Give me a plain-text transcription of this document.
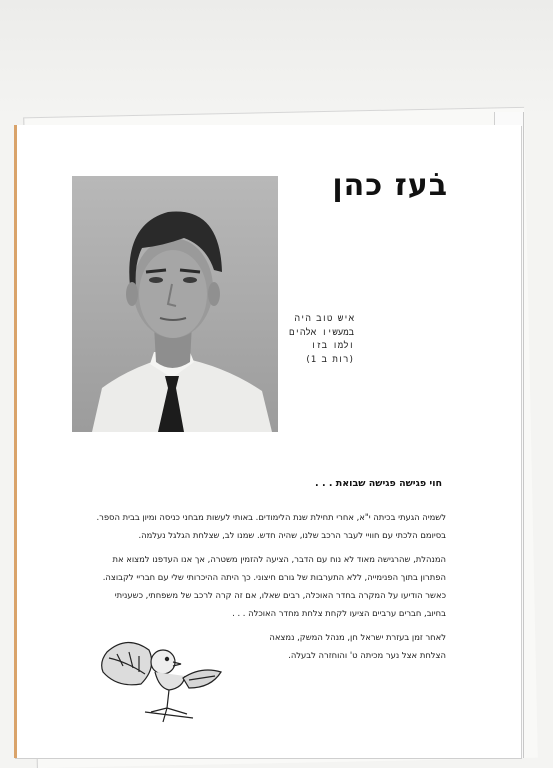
בֹעז כהן
איש טוב היה
במעשיו אלהים
ולמו בזו
(רות ב 1)
חוי פגישה פגישה שבואת . . .

לשמיה הגעתי בכיתה י"א, אחרי תחילת שנת הלימודים. באותי לעשות מבחני כניסה ומיון בבית הספר. בסיומם הלכתי עם חוויי לעבר הרכב שלנו, שהיה חדש. שמנו לב, שצלחת הגלגל נעלמה.

המנהלת, שהרגישה מאוד לא נוח עם הדבר, הציעה להזמין משטרה, אך אנו העדפנו למצוא את הפתרון בתוך הפנימייה, ללא התערבות של גורם חיצוני. כך היתה ההיכרותי שלי עם חבריי לקבוצה. כאשר הודיעו על המקרה בחדר האוכלה, רבים שאלו, אם זה קרה לרכב של משפחתי, כשעניתי בחיוב, חברים ערביים הציעו לקחת צלחת מחדר האוכלה . . .

לאחר זמן בעזרת ישראל חן, מנהל המשק, נמצאה הצלחת אצל נער מכיתה ט' והוחזרה לבעלה.
